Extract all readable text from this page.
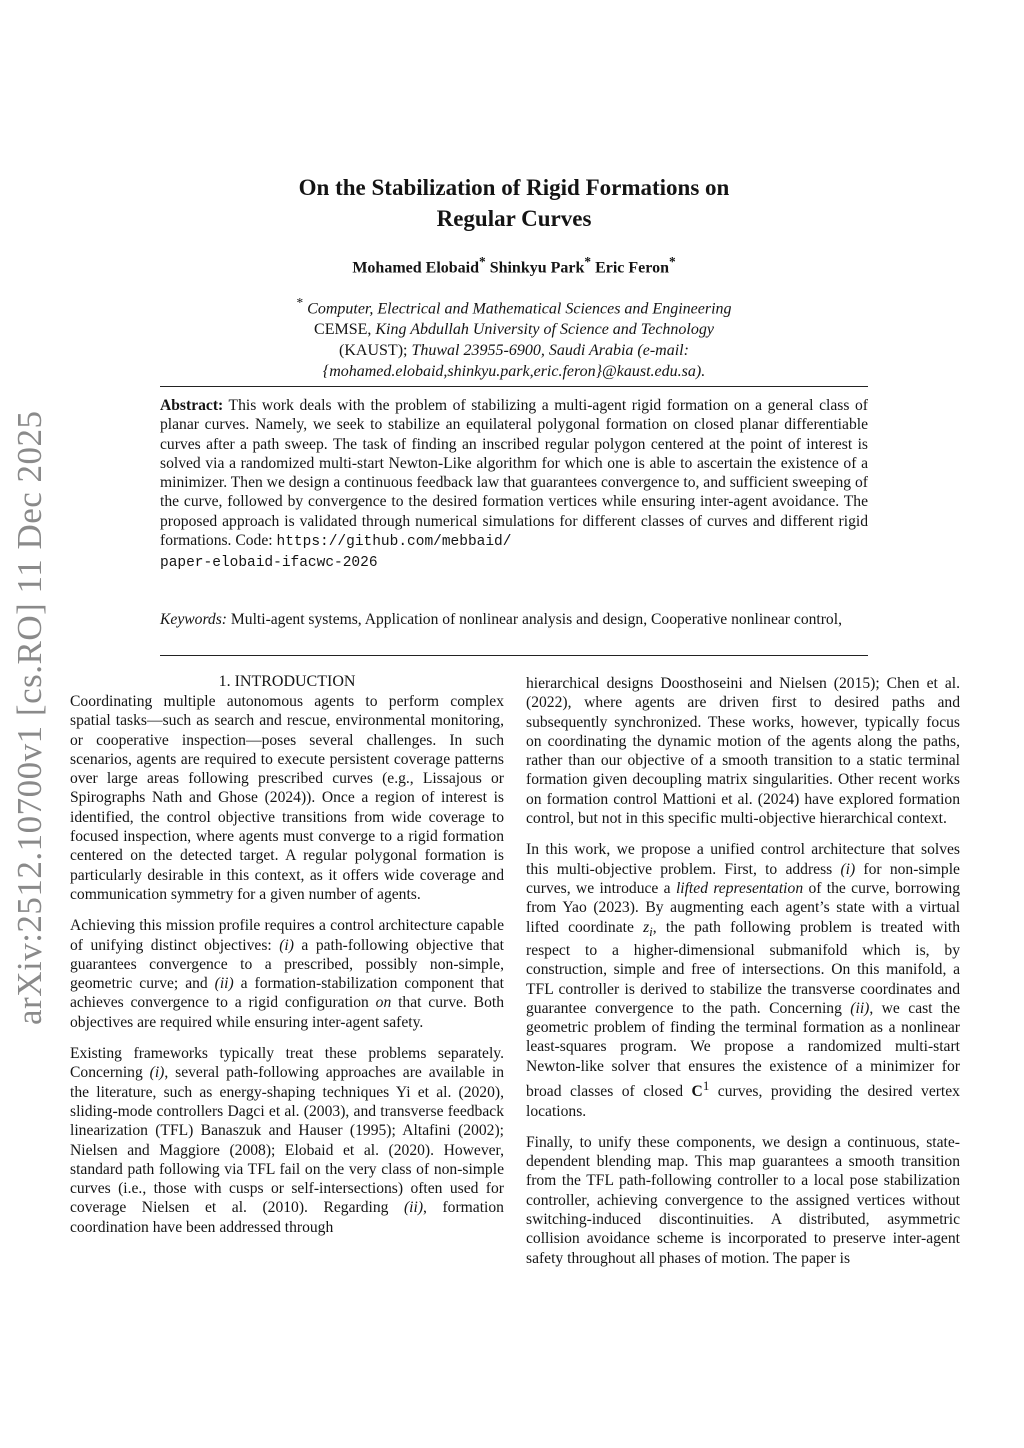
arXiv:2512.10700v1 [cs.RO] 11 Dec 2025
On the Stabilization of Rigid Formations on
Regular Curves
Mohamed Elobaid* Shinkyu Park* Eric Feron*
* Computer, Electrical and Mathematical Sciences and Engineering
CEMSE, King Abdullah University of Science and Technology
(KAUST); Thuwal 23955-6900, Saudi Arabia (e-mail:
{mohamed.elobaid,shinkyu.park,eric.feron}@kaust.edu.sa).
Abstract: This work deals with the problem of stabilizing a multi-agent rigid formation on a general class of planar curves. Namely, we seek to stabilize an equilateral polygonal formation on closed planar differentiable curves after a path sweep. The task of finding an inscribed regular polygon centered at the point of interest is solved via a randomized multi-start Newton-Like algorithm for which one is able to ascertain the existence of a minimizer. Then we design a continuous feedback law that guarantees convergence to, and sufficient sweeping of the curve, followed by convergence to the desired formation vertices while ensuring inter-agent avoidance. The proposed approach is validated through numerical simulations for different classes of curves and different rigid formations. Code: https://github.com/mebbaid/
paper-elobaid-ifacwc-2026
Keywords: Multi-agent systems, Application of nonlinear analysis and design, Cooperative nonlinear control,
1. INTRODUCTION

Coordinating multiple autonomous agents to perform complex spatial tasks—such as search and rescue, environmental monitoring, or cooperative inspection—poses several challenges. In such scenarios, agents are required to execute persistent coverage patterns over large areas following prescribed curves (e.g., Lissajous or Spirographs Nath and Ghose (2024)). Once a region of interest is identified, the control objective transitions from wide coverage to focused inspection, where agents must converge to a rigid formation centered on the detected target. A regular polygonal formation is particularly desirable in this context, as it offers wide coverage and communication symmetry for a given number of agents.

Achieving this mission profile requires a control architecture capable of unifying distinct objectives: (i) a path-following objective that guarantees convergence to a prescribed, possibly non-simple, geometric curve; and (ii) a formation-stabilization component that achieves convergence to a rigid configuration on that curve. Both objectives are required while ensuring inter-agent safety.

Existing frameworks typically treat these problems separately. Concerning (i), several path-following approaches are available in the literature, such as energy-shaping techniques Yi et al. (2020), sliding-mode controllers Dagci et al. (2003), and transverse feedback linearization (TFL) Banaszuk and Hauser (1995); Altafini (2002); Nielsen and Maggiore (2008); Elobaid et al. (2020). However, standard path following via TFL fail on the very class of non-simple curves (i.e., those with cusps or self-intersections) often used for coverage Nielsen et al. (2010). Regarding (ii), formation coordination have been addressed through

hierarchical designs Doosthoseini and Nielsen (2015); Chen et al. (2022), where agents are driven first to desired paths and subsequently synchronized. These works, however, typically focus on coordinating the dynamic motion of the agents along the paths, rather than our objective of a smooth transition to a static terminal formation given decoupling matrix singularities. Other recent works on formation control Mattioni et al. (2024) have explored formation control, but not in this specific multi-objective hierarchical context.

In this work, we propose a unified control architecture that solves this multi-objective problem. First, to address (i) for non-simple curves, we introduce a lifted representation of the curve, borrowing from Yao (2023). By augmenting each agent’s state with a virtual lifted coordinate $z_i$, the path following problem is treated with respect to a higher-dimensional submanifold which is, by construction, simple and free of intersections. On this manifold, a TFL controller is derived to stabilize the transverse coordinates and guarantee convergence to the path. Concerning (ii), we cast the geometric problem of finding the terminal formation as a nonlinear least-squares program. We propose a randomized multi-start Newton-like solver that ensures the existence of a minimizer for broad classes of closed $C^1$ curves, providing the desired vertex locations.

Finally, to unify these components, we design a continuous, state-dependent blending map. This map guarantees a smooth transition from the TFL path-following controller to a local pose stabilization controller, achieving convergence to the assigned vertices without switching-induced discontinuities. A distributed, asymmetric collision avoidance scheme is incorporated to preserve inter-agent safety throughout all phases of motion. The paper is
